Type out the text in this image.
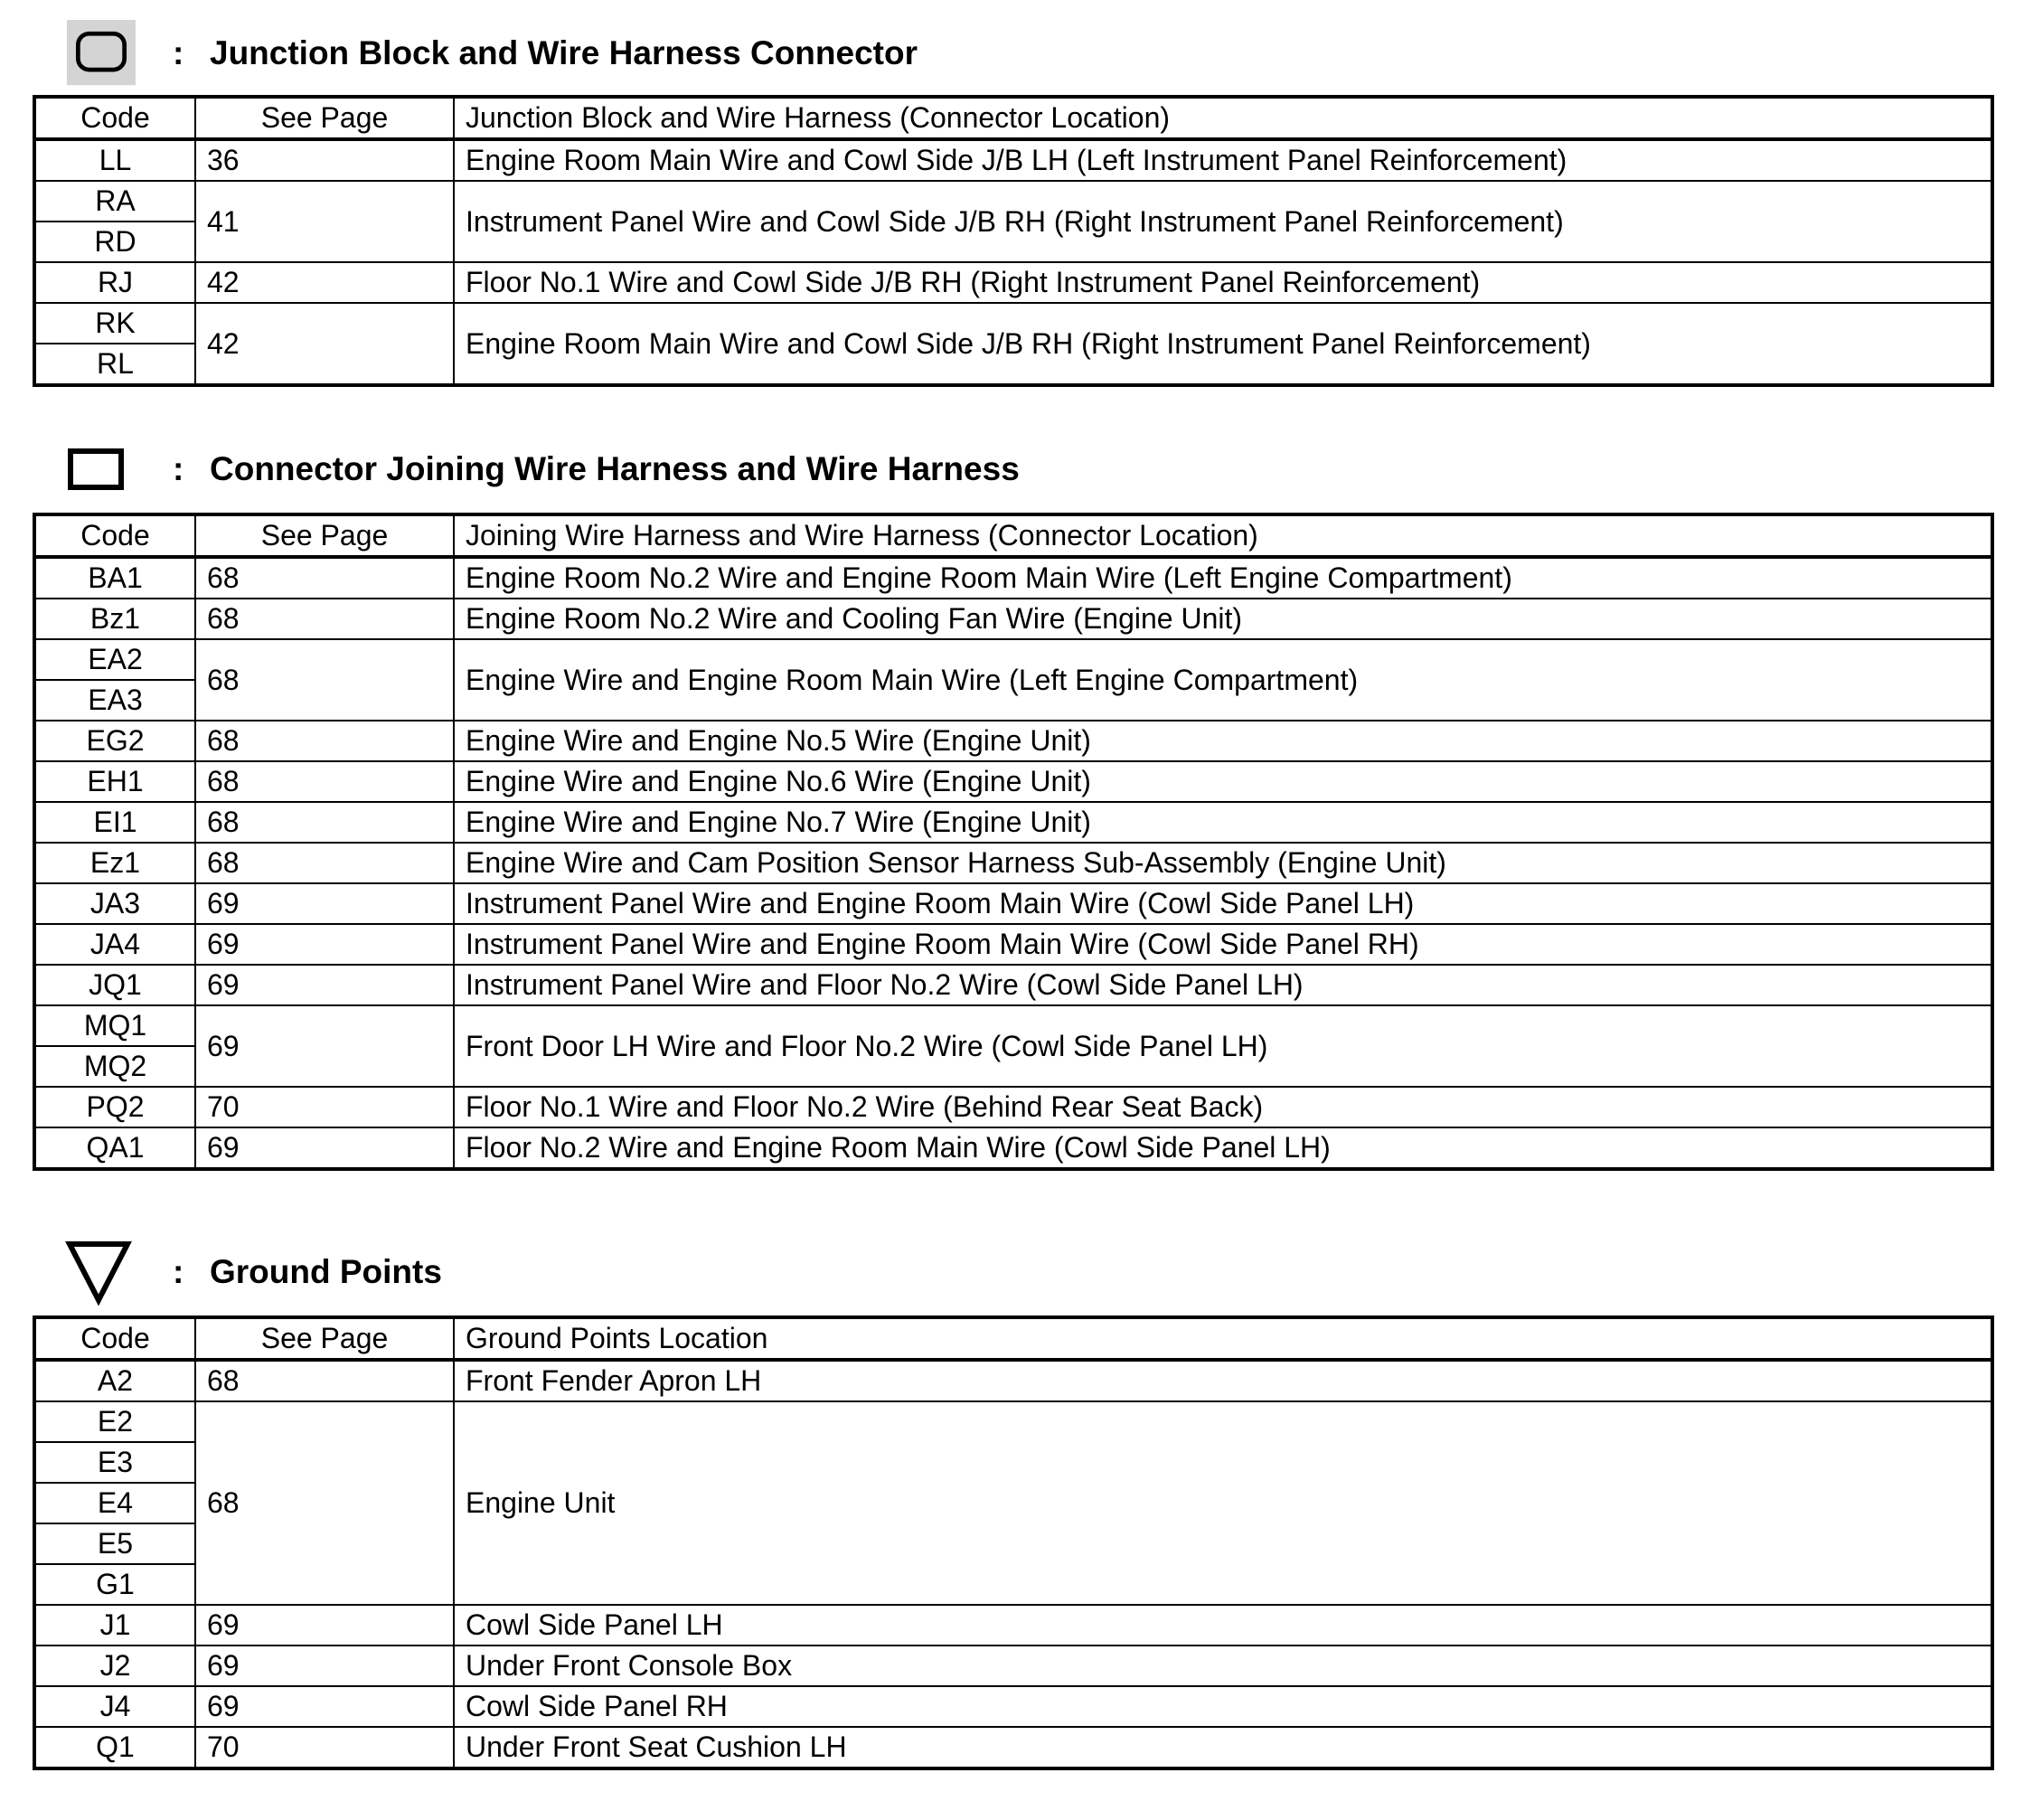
: Junction Block and Wire Harness Connector
Code	See Page	Junction Block and Wire Harness (Connector Location)
LL	36	Engine Room Main Wire and Cowl Side J/B LH (Left Instrument Panel Reinforcement)
RA	41	Instrument Panel Wire and Cowl Side J/B RH (Right Instrument Panel Reinforcement)
RD		
RJ	42	Floor No.1 Wire and Cowl Side J/B RH (Right Instrument Panel Reinforcement)
RK	42	Engine Room Main Wire and Cowl Side J/B RH (Right Instrument Panel Reinforcement)
RL		
: Connector Joining Wire Harness and Wire Harness
Code	See Page	Joining Wire Harness and Wire Harness (Connector Location)
BA1	68	Engine Room No.2 Wire and Engine Room Main Wire (Left Engine Compartment)
Bz1	68	Engine Room No.2 Wire and Cooling Fan Wire (Engine Unit)
EA2	68	Engine Wire and Engine Room Main Wire (Left Engine Compartment)
EA3		
EG2	68	Engine Wire and Engine No.5 Wire (Engine Unit)
EH1	68	Engine Wire and Engine No.6 Wire (Engine Unit)
EI1	68	Engine Wire and Engine No.7 Wire (Engine Unit)
Ez1	68	Engine Wire and Cam Position Sensor Harness Sub-Assembly (Engine Unit)
JA3	69	Instrument Panel Wire and Engine Room Main Wire (Cowl Side Panel LH)
JA4	69	Instrument Panel Wire and Engine Room Main Wire (Cowl Side Panel RH)
JQ1	69	Instrument Panel Wire and Floor No.2 Wire (Cowl Side Panel LH)
MQ1	69	Front Door LH Wire and Floor No.2 Wire (Cowl Side Panel LH)
MQ2		
PQ2	70	Floor No.1 Wire and Floor No.2 Wire (Behind Rear Seat Back)
QA1	69	Floor No.2 Wire and Engine Room Main Wire (Cowl Side Panel LH)
: Ground Points
Code	See Page	Ground Points Location
A2	68	Front Fender Apron LH
E2	68	Engine Unit
E3		
E4		
E5		
G1		
J1	69	Cowl Side Panel LH
J2	69	Under Front Console Box
J4	69	Cowl Side Panel RH
Q1	70	Under Front Seat Cushion LH
